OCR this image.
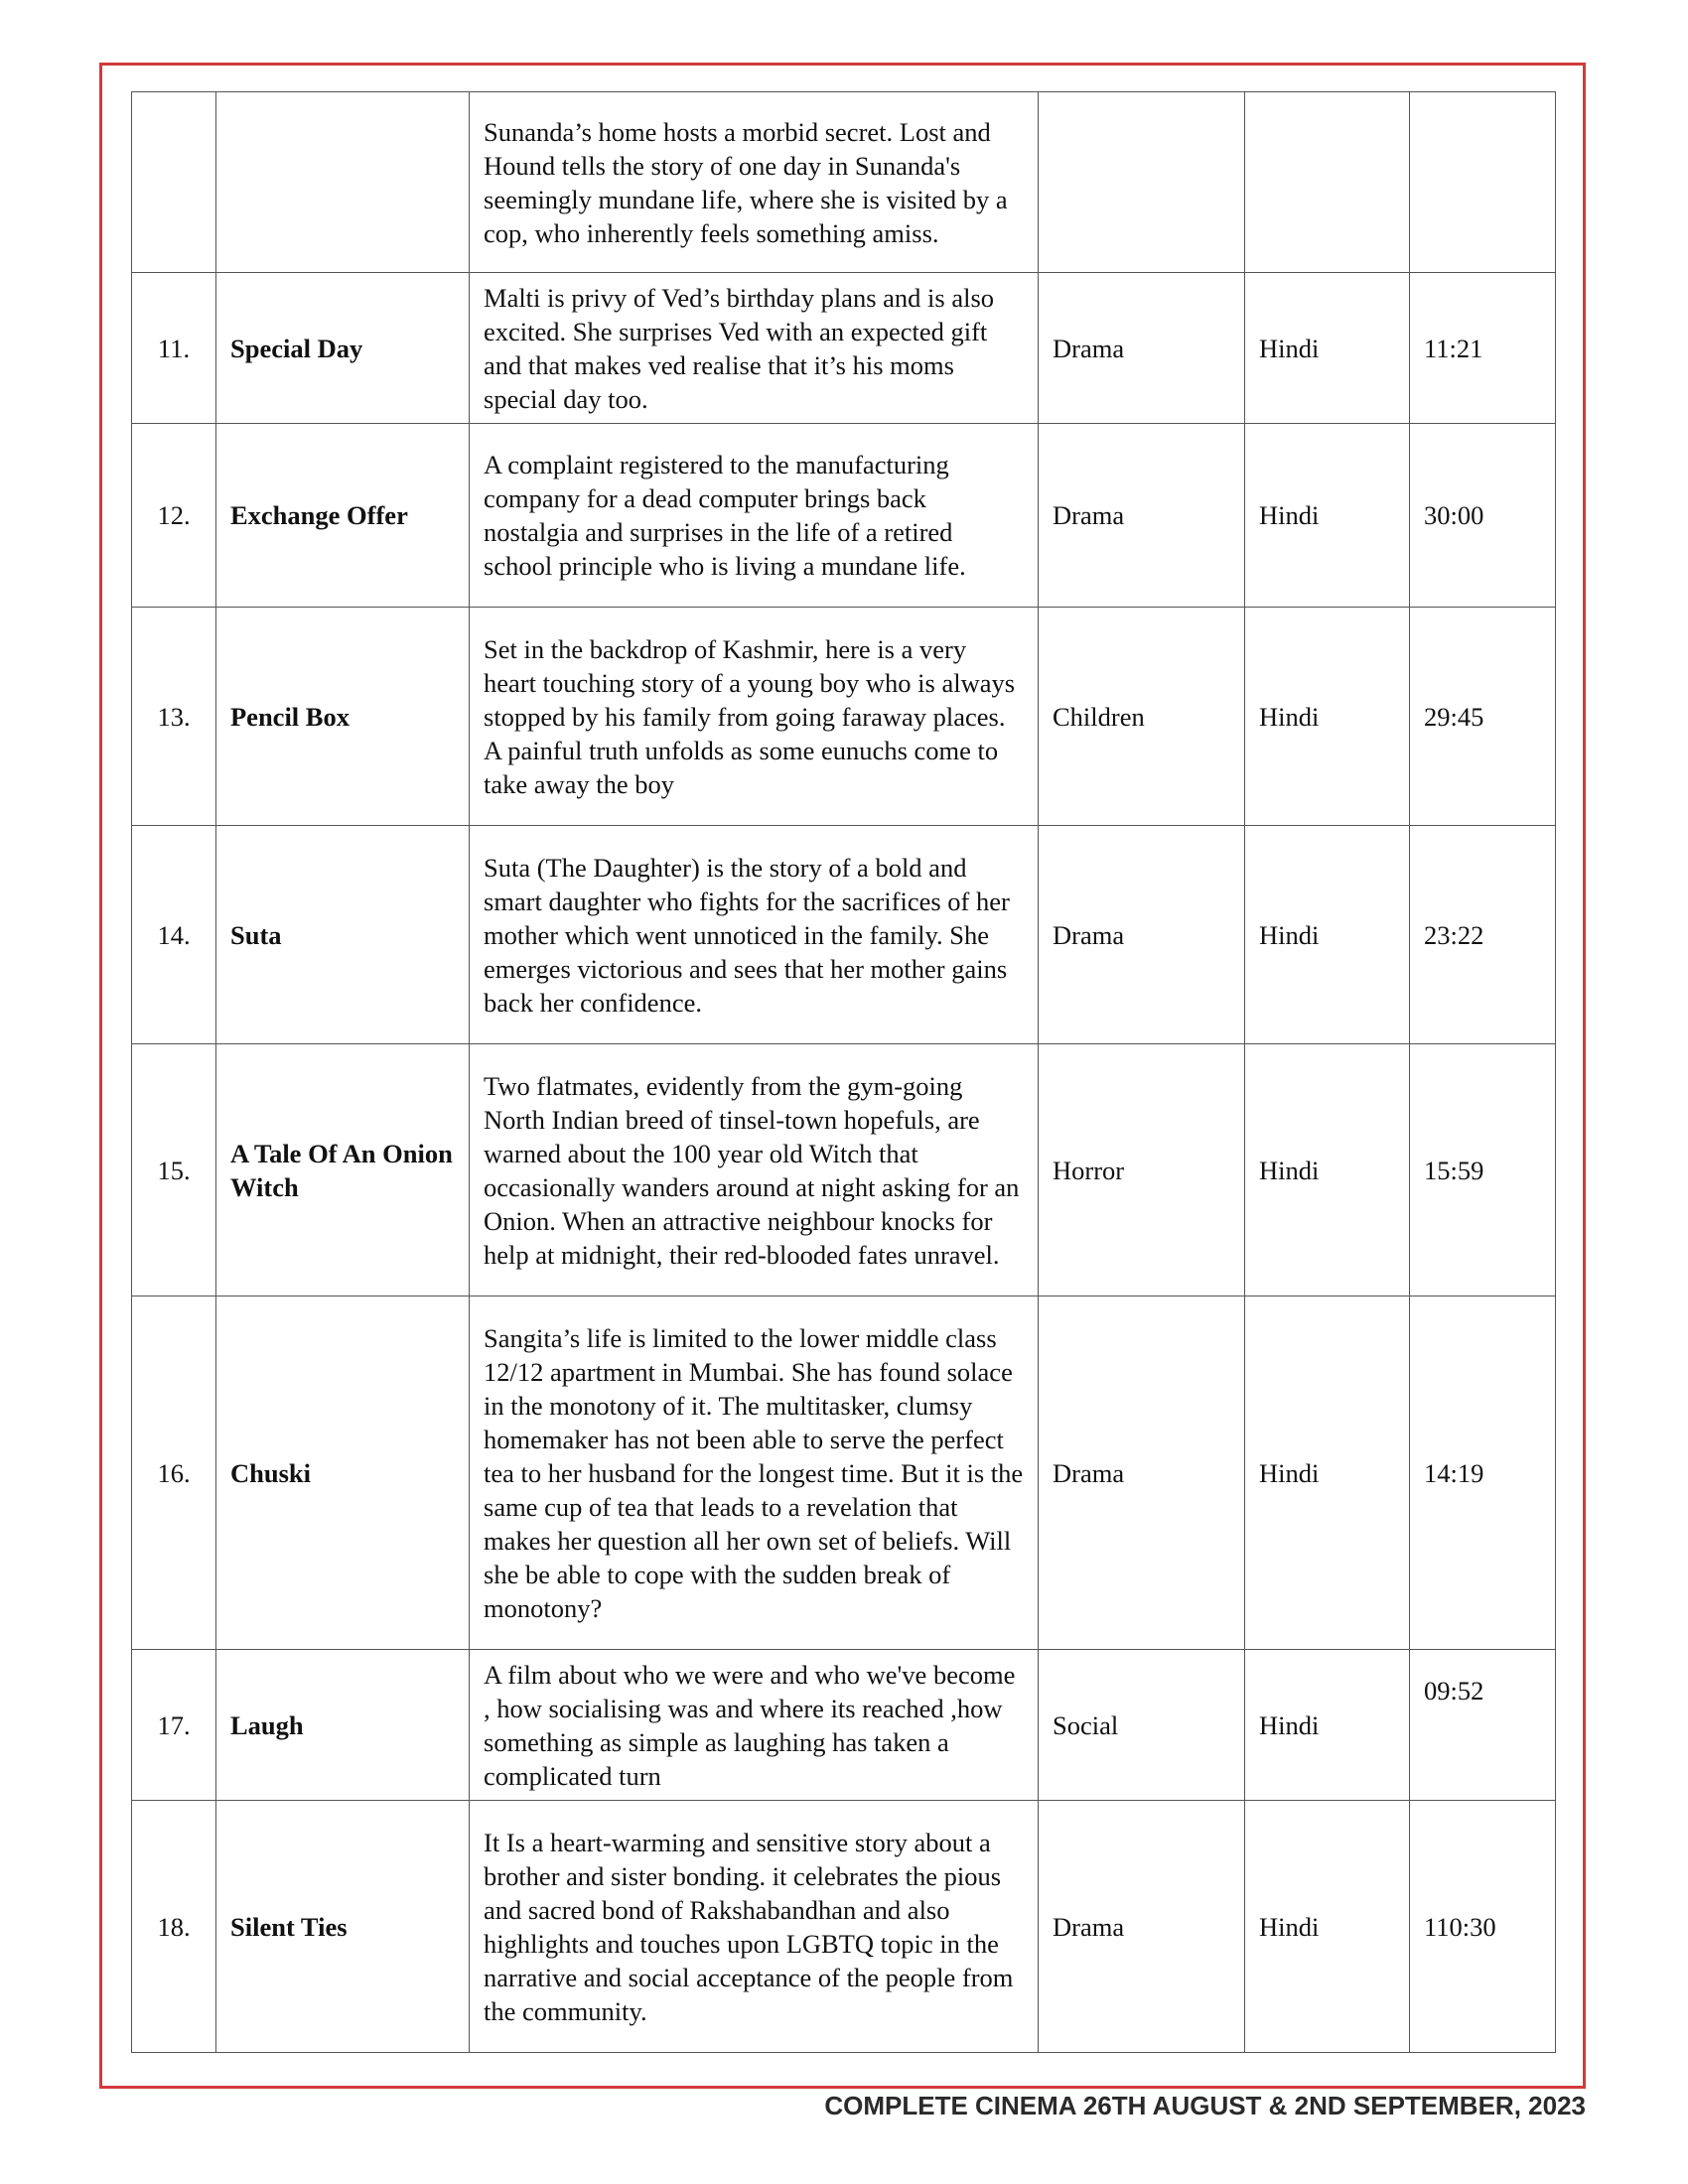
		Sunanda’s home hosts a morbid secret. Lost and Hound tells the story of one day in Sunanda's seemingly mundane life, where she is visited by a cop, who inherently feels something amiss.			
11.	Special Day	Malti is privy of Ved’s birthday plans and is also excited. She surprises Ved with an expected gift and that makes ved realise that it’s his moms special day too.	Drama	Hindi	11:21
12.	Exchange Offer	A complaint registered to the manufacturing company for a dead computer brings back nostalgia and surprises in the life of a retired school principle who is living a mundane life.	Drama	Hindi	30:00
13.	Pencil Box	Set in the backdrop of Kashmir, here is a very heart touching story of a young boy who is always stopped by his family from going faraway places. A painful truth unfolds as some eunuchs come to take away the boy	Children	Hindi	29:45
14.	Suta	Suta (The Daughter) is the story of a bold and smart daughter who fights for the sacrifices of her mother which went unnoticed in the family. She emerges victorious and sees that her mother gains back her confidence.	Drama	Hindi	23:22
15.	A Tale Of An Onion Witch	Two flatmates, evidently from the gym-going North Indian breed of tinsel-town hopefuls, are warned about the 100 year old Witch that occasionally wanders around at night asking for an Onion. When an attractive neighbour knocks for help at midnight, their red-blooded fates unravel.	Horror	Hindi	15:59
16.	Chuski	Sangita’s life is limited to the lower middle class 12/12 apartment in Mumbai. She has found solace in the monotony of it. The multitasker, clumsy homemaker has not been able to serve the perfect tea to her husband for the longest time. But it is the same cup of tea that leads to a revelation that makes her question all her own set of beliefs. Will she be able to cope with the sudden break of monotony?	Drama	Hindi	14:19
17.	Laugh	A film about who we were and who we've become , how socialising was and where its reached ,how something as simple as laughing has taken a complicated turn	Social	Hindi	09:52
18.	Silent Ties	It Is a heart-warming and sensitive story about a brother and sister bonding. it celebrates the pious and sacred bond of Rakshabandhan and also highlights and touches upon LGBTQ topic in the narrative and social acceptance of the people from the community.	Drama	Hindi	110:30
COMPLETE CINEMA 26TH AUGUST & 2ND SEPTEMBER, 2023
